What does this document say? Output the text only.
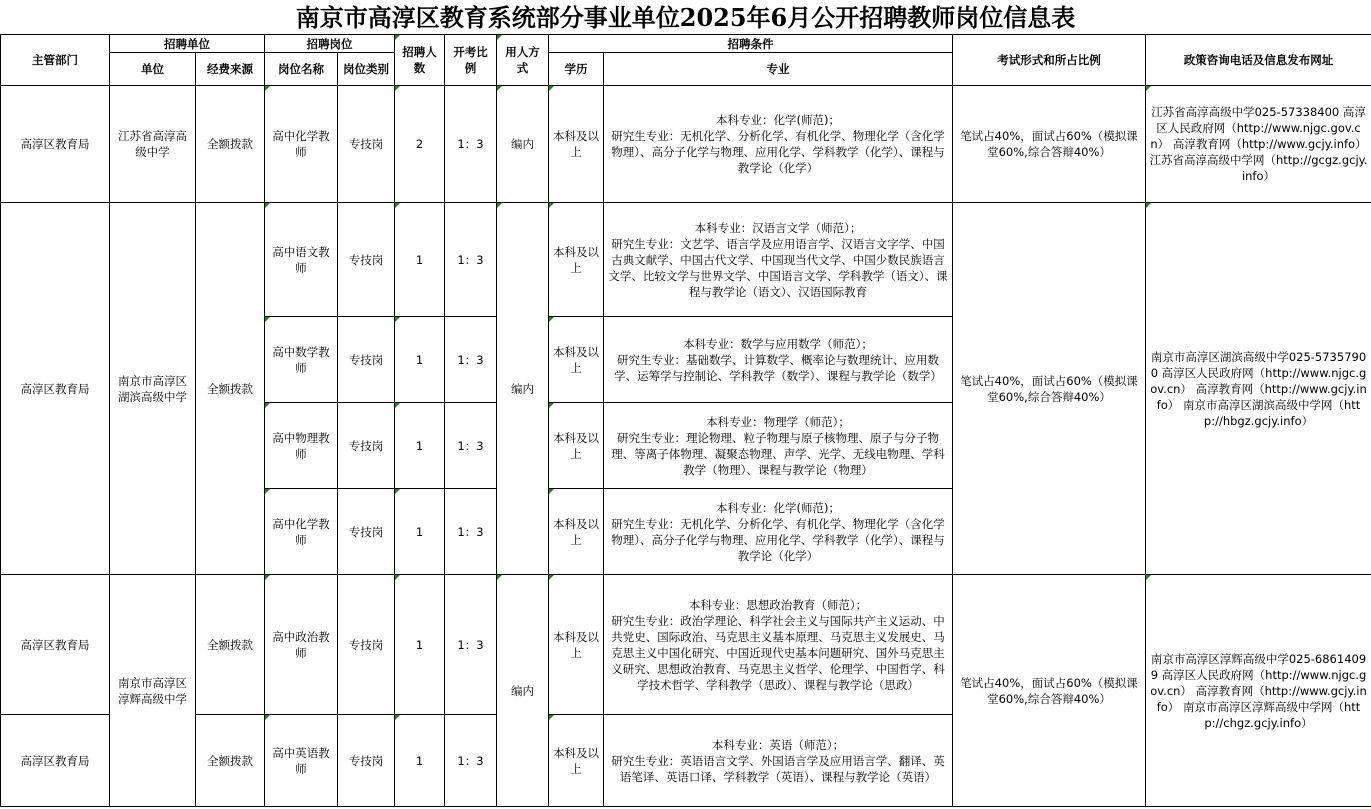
南京市高淳区教育系统部分事业单位2025年6月公开招聘教师岗位信息表
主管部门	招聘单位		招聘岗位		招聘人数	开考比例	用人方式	招聘条件		考试形式和所占比例	政策咨询电话及信息发布网址
	单位	经费来源	岗位名称	岗位类别				学历	专业		
高淳区教育局	江苏省高淳高级中学	全额拨款	高中化学教师	专技岗	2	1：3	编内	本科及以上	本科专业：化学(师范)；
研究生专业：无机化学、分析化学、有机化学、物理化学（含化学物理）、高分子化学与物理、应用化学、学科教学（化学）、课程与教学论（化学）	笔试占40%，面试占60%（模拟课堂60%,综合答辩40%）	江苏省高淳高级中学025-57338400 高淳区人民政府网（http://www.njgc.gov.cn） 高淳教育网（http://www.gcjy.info） 江苏省高淳高级中学网（http://gcgz.gcjy.info）
高淳区教育局	南京市高淳区湖滨高级中学	全额拨款	高中语文教师	专技岗	1	1：3	编内	本科及以上	本科专业：汉语言文学（师范）；
研究生专业：文艺学、语言学及应用语言学、汉语言文字学、中国古典文献学、中国古代文学、中国现当代文学、中国少数民族语言文学、比较文学与世界文学、中国语言文学、学科教学（语文）、课程与教学论（语文）、汉语国际教育	笔试占40%，面试占60%（模拟课堂60%,综合答辩40%）	南京市高淳区湖滨高级中学025-57357900 高淳区人民政府网（http://www.njgc.gov.cn） 高淳教育网（http://www.gcjy.info） 南京市高淳区湖滨高级中学网（http://hbgz.gcjy.info）
			高中数学教师	专技岗	1	1：3		本科及以上	本科专业：数学与应用数学（师范）；
研究生专业：基础数学、计算数学、概率论与数理统计、应用数学、运筹学与控制论、学科教学（数学）、课程与教学论（数学）		
			高中物理教师	专技岗	1	1：3		本科及以上	本科专业：物理学（师范）；
研究生专业：理论物理、粒子物理与原子核物理、原子与分子物理、等离子体物理、凝聚态物理、声学、光学、无线电物理、学科教学（物理）、课程与教学论（物理）		
			高中化学教师	专技岗	1	1：3		本科及以上	本科专业：化学(师范)；
研究生专业：无机化学、分析化学、有机化学、物理化学（含化学物理）、高分子化学与物理、应用化学、学科教学（化学）、课程与教学论（化学）		
高淳区教育局	南京市高淳区淳辉高级中学	全额拨款	高中政治教师	专技岗	1	1：3	编内	本科及以上	本科专业：思想政治教育（师范）；
研究生专业：政治学理论、科学社会主义与国际共产主义运动、中共党史、国际政治、马克思主义基本原理、马克思主义发展史、马克思主义中国化研究、中国近现代史基本问题研究、国外马克思主义研究、思想政治教育、马克思主义哲学、伦理学、中国哲学、科学技术哲学、学科教学（思政）、课程与教学论（思政）	笔试占40%，面试占60%（模拟课堂60%,综合答辩40%）	南京市高淳区淳辉高级中学025-68614099 高淳区人民政府网（http://www.njgc.gov.cn） 高淳教育网（http://www.gcjy.info） 南京市高淳区淳辉高级中学网（http://chgz.gcjy.info）
高淳区教育局		全额拨款	高中英语教师	专技岗	1	1：3		本科及以上	本科专业：英语（师范）；
研究生专业：英语语言文学、外国语言学及应用语言学、翻译、英语笔译、英语口译、学科教学（英语）、课程与教学论（英语）		
